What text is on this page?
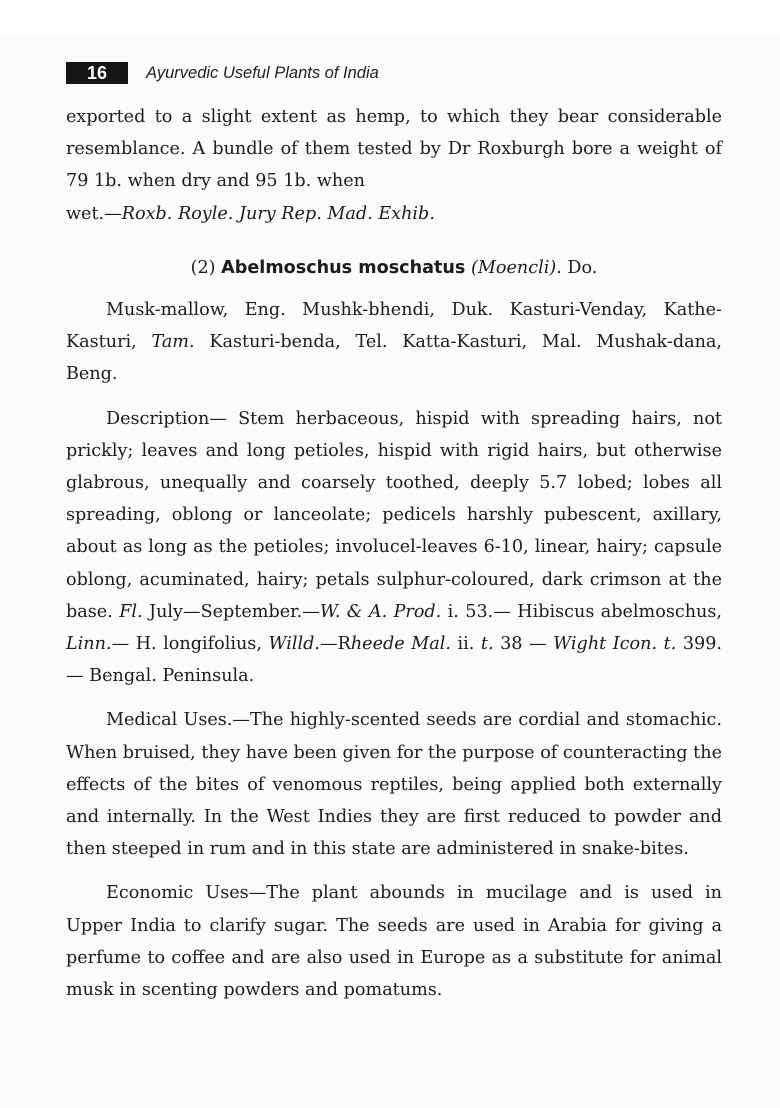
16	Ayurvedic Useful Plants of India

exported to a slight extent as hemp, to which they bear considerable resemblance. A bundle of them tested by Dr Roxburgh bore a weight of 79 1b. when dry and 95 1b. when
wet.—Roxb. Royle. Jury Rep. Mad. Exhib.

(2) Abelmoschus moschatus (Moencli). Do.

Musk-mallow, Eng. Mushk-bhendi, Duk. Kasturi-Venday, Kathe-Kasturi, Tam. Kasturi-benda, Tel. Katta-Kasturi, Mal. Mushak-dana, Beng.

Description— Stem herbaceous, hispid with spreading hairs, not prickly; leaves and long petioles, hispid with rigid hairs, but otherwise glabrous, unequally and coarsely toothed, deeply 5.7 lobed; lobes all spreading, oblong or lanceolate; pedicels harshly pubescent, axillary, about as long as the petioles; involucel-leaves 6-10, linear, hairy; capsule oblong, acuminated, hairy; petals sulphur-coloured, dark crimson at the base. Fl. July—September.—W. & A. Prod. i. 53.— Hibiscus abelmoschus, Linn.— H. longifolius, Willd.—Rheede Mal. ii. t. 38 — Wight Icon. t. 399.— Bengal. Peninsula.

Medical Uses.—The highly-scented seeds are cordial and stomachic. When bruised, they have been given for the purpose of counteracting the effects of the bites of venomous reptiles, being applied both externally and internally. In the West Indies they are first reduced to powder and then steeped in rum and in this state are administered in snake-bites.

Economic Uses—The plant abounds in mucilage and is used in Upper India to clarify sugar. The seeds are used in Arabia for giving a perfume to coffee and are also used in Europe as a substitute for animal musk in scenting powders and pomatums.
